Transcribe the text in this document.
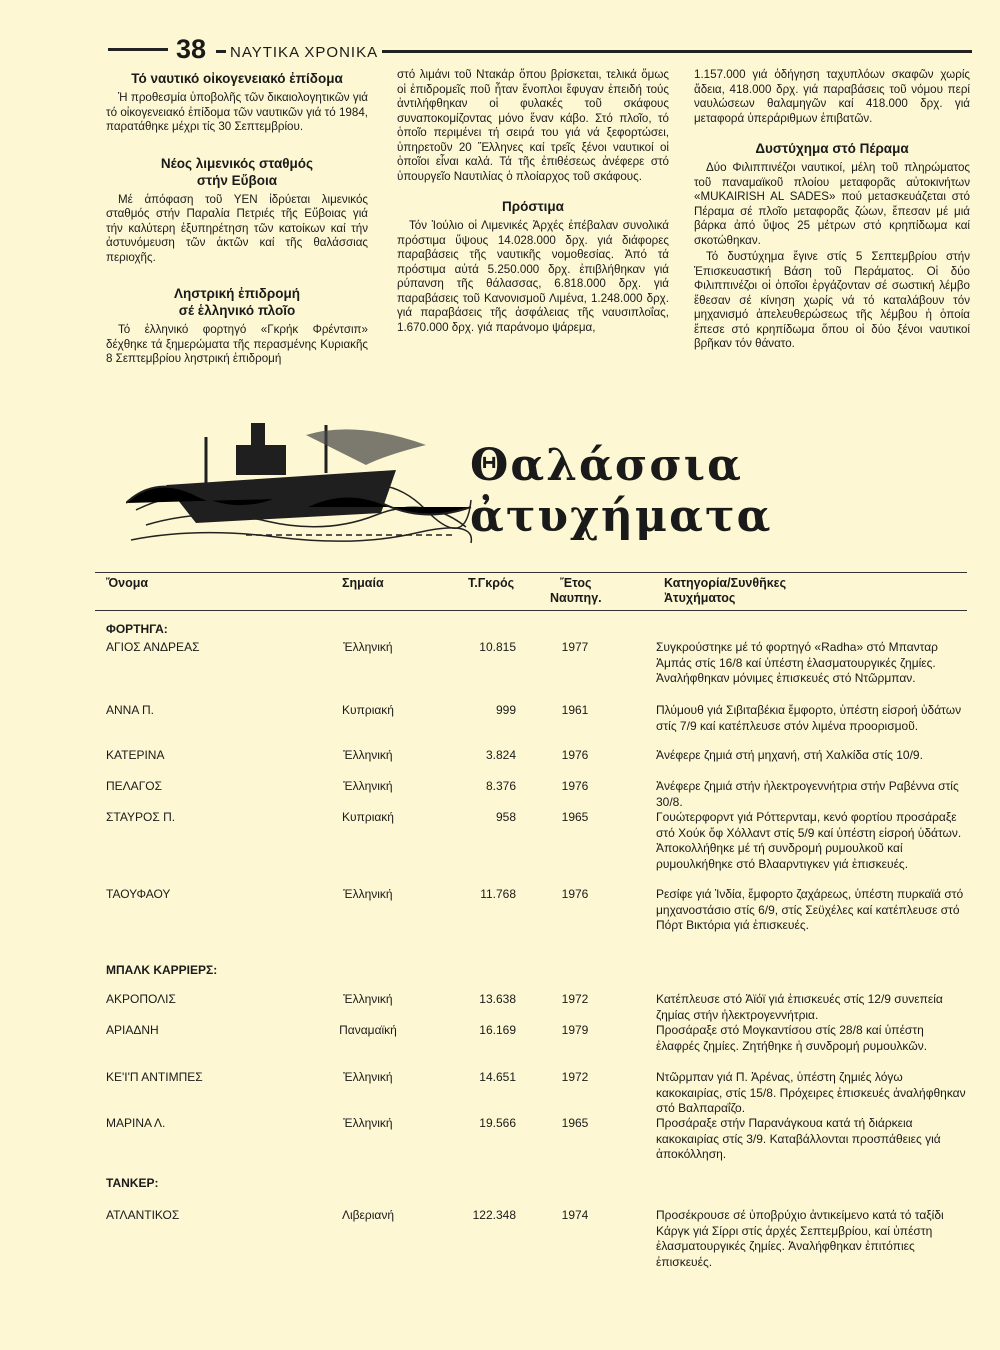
38 ΝΑΥΤΙΚΑ ΧΡΟΝΙΚΑ
Τό ναυτικό οἰκογενειακό ἐπίδομα

Ἡ προθεσμία ὑποβολῆς τῶν δικαιολογητικῶν γιά τό οἰκογενειακό ἐπίδομα τῶν ναυτικῶν γιά τό 1984, παρατάθηκε μέχρι τίς 30 Σεπτεμβρίου.

Νέος λιμενικός σταθμός
στήν Εὔβοια

Μέ ἀπόφαση τοῦ ΥΕΝ ἱδρύεται λιμενικός σταθμός στήν Παραλία Πετριές τῆς Εὔβοιας γιά τήν καλύτερη ἐξυπηρέτηση τῶν κατοίκων καί τήν ἀστυνόμευση τῶν ἀκτῶν καί τῆς θαλάσσιας περιοχῆς.

Ληστρική ἐπιδρομή
σέ ἑλληνικό πλοῖο

Τό ἑλληνικό φορτηγό «Γκρήκ Φρέντσιπ» δέχθηκε τά ξημερώματα τῆς περασμένης Κυριακῆς 8 Σεπτεμβρίου ληστρική ἐπιδρομή

στό λιμάνι τοῦ Ντακάρ ὅπου βρίσκεται, τελικά ὅμως οἱ ἐπιδρομεῖς ποῦ ἦταν ἔνοπλοι ἔφυγαν ἐπειδή τούς ἀντιλήφθηκαν οἱ φυλακές τοῦ σκάφους συναποκομίζοντας μόνο ἕναν κάβο. Στό πλοῖο, τό ὁποῖο περιμένει τή σειρά του γιά νά ξεφορτώσει, ὑπηρετοῦν 20 Ἕλληνες καί τρεῖς ξένοι ναυτικοί οἱ ὁποῖοι εἶναι καλά. Τά τῆς ἐπιθέσεως ἀνέφερε στό ὑπουργεῖο Ναυτιλίας ὁ πλοίαρχος τοῦ σκάφους.

Πρόστιμα

Τόν Ἰούλιο οἱ Λιμενικές Ἀρχές ἐπέβαλαν συνολικά πρόστιμα ὕψους 14.028.000 δρχ. γιά διάφορες παραβάσεις τῆς ναυτικῆς νομοθεσίας. Ἀπό τά πρόστιμα αὐτά 5.250.000 δρχ. ἐπιβλήθηκαν γιά ρύπανση τῆς θάλασσας, 6.818.000 δρχ. γιά παραβάσεις τοῦ Κανονισμοῦ Λιμένα, 1.248.000 δρχ. γιά παραβάσεις τῆς ἀσφάλειας τῆς ναυσιπλοΐας, 1.670.000 δρχ. γιά παράνομο ψάρεμα,

1.157.000 γιά ὁδήγηση ταχυπλόων σκαφῶν χωρίς ἄδεια, 418.000 δρχ. γιά παραβάσεις τοῦ νόμου περί ναυλώσεων θαλαμηγῶν καί 418.000 δρχ. γιά μεταφορά ὑπεράριθμων ἐπιβατῶν.

Δυστύχημα στό Πέραμα

Δύο Φιλιππινέζοι ναυτικοί, μέλη τοῦ πληρώματος τοῦ παναμαϊκοῦ πλοίου μεταφορᾶς αὐτοκινήτων «MUKAIRISH AL SADES» πού μετασκευάζεται στό Πέραμα σέ πλοῖο μεταφορᾶς ζώων, ἔπεσαν μέ μιά βάρκα ἀπό ὕψος 25 μέτρων στό κρηπίδωμα καί σκοτώθηκαν.

Τό δυστύχημα ἔγινε στίς 5 Σεπτεμβρίου στήν Ἐπισκευαστική Βάση τοῦ Περάματος. Οἱ δύο Φιλιππινέζοι οἱ ὁποῖοι ἐργάζονταν σέ σωστική λέμβο ἔθεσαν σέ κίνηση χωρίς νά τό καταλάβουν τόν μηχανισμό ἀπελευθερώσεως τῆς λέμβου ἡ ὁποία ἔπεσε στό κρηπίδωμα ὅπου οἱ δύο ξένοι ναυτικοί βρῆκαν τόν θάνατο.

Θαλάσσια ἀτυχήματα
Ὄνομα	Σημαία	Τ.Γκρός	Ἔτος
Ναυπηγ.
Κατηγορία/Συνθῆκες
Ἀτυχήματος
ΦΟΡΤΗΓΑ:
ΑΓΙΟΣ ΑΝΔΡΕΑΣ	Ἑλληνική	10.815	1977	Συγκρούστηκε μέ τό φορτηγό «Radha» στό Μπανταρ Ἀμπάς στίς 16/8 καί ὑπέστη ἐλασματουργικές ζημίες. Ἀναλήφθηκαν μόνιμες ἐπισκευές στό Ντῶρμπαν.
ΑΝΝΑ Π.	Κυπριακή	999	1961	Πλύμουθ γιά Σιβιταβέκια ἔμφορτο, ὑπέστη εἰσροή ὑδάτων στίς 7/9 καί κατέπλευσε στόν λιμένα προορισμοῦ.
ΚΑΤΕΡΙΝΑ	Ἑλληνική	3.824	1976	Ἀνέφερε ζημιά στή μηχανή, στή Χαλκίδα στίς 10/9.
ΠΕΛΑΓΟΣ	Ἑλληνική	8.376	1976	Ἀνέφερε ζημιά στήν ἠλεκτρογεννήτρια στήν Ραβέννα στίς 30/8.
ΣΤΑΥΡΟΣ Π.	Κυπριακή	958	1965	Γουώτερφορντ γιά Ρόττερνταμ, κενό φορτίου προσάραξε στό Χούκ ὄφ Χόλλαντ στίς 5/9 καί ὑπέστη εἰσροή ὑδάτων. Ἀποκολλήθηκε μέ τή συνδρομή ρυμουλκοῦ καί ρυμουλκήθηκε στό Βλααρντιγκεν γιά ἐπισκευές.
ΤΑΟΥΦΑΟΥ	Ἑλληνική	11.768	1976	Ρεσίφε γιά Ἰνδία, ἔμφορτο ζαχάρεως, ὑπέστη πυρκαϊά στό μηχανοστάσιο στίς 6/9, στίς Σεϋχέλες καί κατέπλευσε στό Πόρτ Βικτόρια γιά ἐπισκευές.
ΜΠΑΛΚ ΚΑΡΡΙΕΡΣ:
ΑΚΡΟΠΟΛΙΣ	Ἑλληνική	13.638	1972	Κατέπλευσε στό Ἀϊόϊ γιά ἐπισκευές στίς 12/9 συνεπεία ζημίας στήν ἠλεκτρογεννήτρια.
ΑΡΙΑΔΝΗ	Παναμαϊκή	16.169	1979	Προσάραξε στό Μογκαντίσου στίς 28/8 καί ὑπέστη ἐλαφρές ζημίες. Ζητήθηκε ἡ συνδρομή ρυμουλκῶν.
ΚΕ'Ι'Π ΑΝΤΙΜΠΕΣ	Ἑλληνική	14.651	1972	Ντῶρμπαν γιά Π. Ἀρένας, ὑπέστη ζημιές λόγω κακοκαιρίας, στίς 15/8. Πρόχειρες ἐπισκευές ἀναλήφθηκαν στό Βαλπαραΐζο.
ΜΑΡΙΝΑ Λ.	Ἑλληνική	19.566	1965	Προσάραξε στήν Παρανάγκουα κατά τή διάρκεια κακοκαιρίας στίς 3/9. Καταβάλλονται προσπάθειες γιά ἀποκόλληση.
ΤΑΝΚΕΡ:
ΑΤΛΑΝΤΙΚΟΣ	Λιβεριανή	122.348	1974	Προσέκρουσε σέ ὑποβρύχιο ἀντικείμενο κατά τό ταξίδι Κάργκ γιά Σίρρι στίς ἀρχές Σεπτεμβρίου, καί ὑπέστη ἐλασματουργικές ζημίες. Ἀναλήφθηκαν ἐπιτόπιες ἐπισκευές.
